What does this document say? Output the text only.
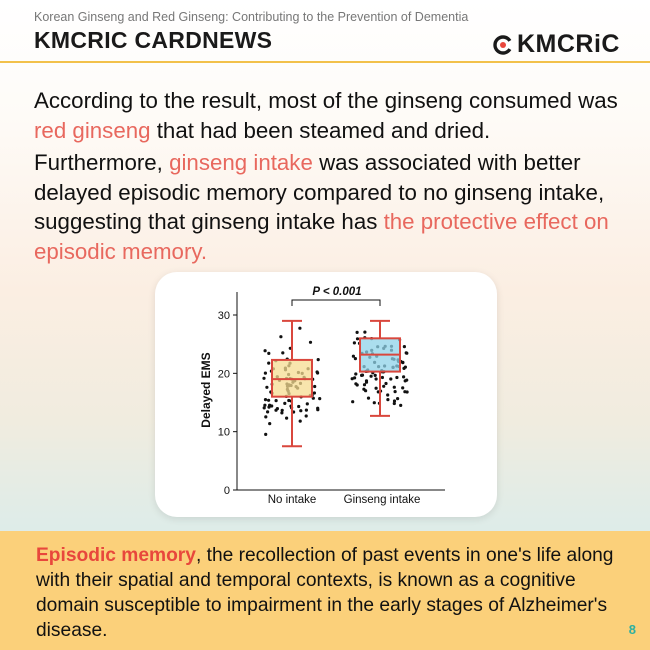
Korean Ginseng and Red Ginseng: Contributing to the Prevention of Dementia
KMCRIC CARDNEWS	KMCRiC
According to the result, most of the ginseng consumed was red ginseng that had been steamed and dried.
Furthermore, ginseng intake was associated with better delayed episodic memory compared to no ginseng intake, suggesting that ginseng intake has the protective effect on episodic memory.
0
10
20
30
Delayed EMS
No intake Ginseng intake
P < 0.001
Episodic memory, the recollection of past events in one's life along with their spatial and temporal contexts, is known as a cognitive domain susceptible to impairment in the early stages of Alzheimer's disease.	8
